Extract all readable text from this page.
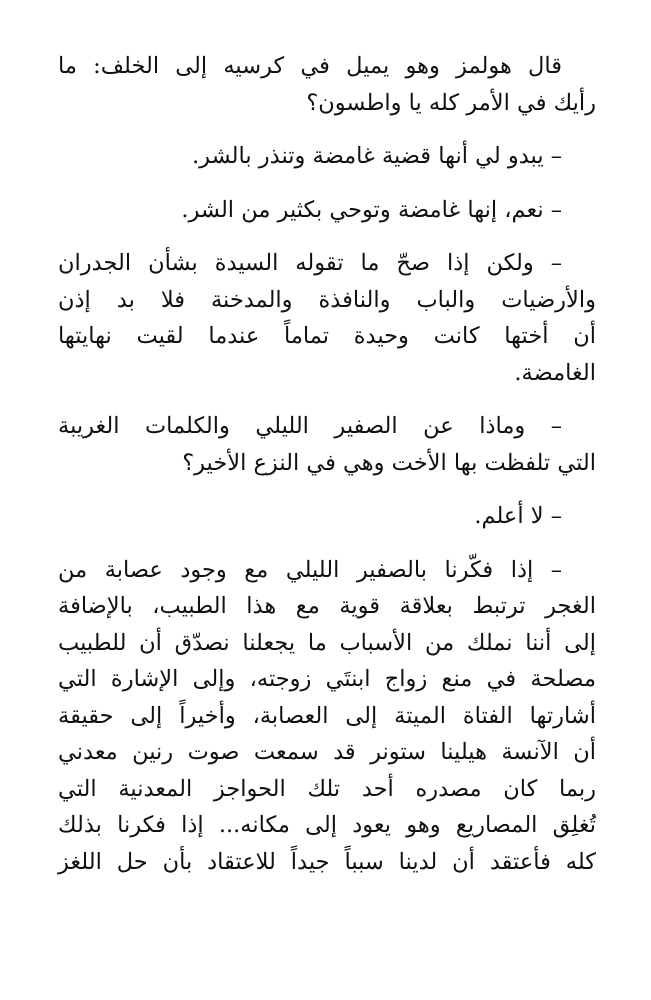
قال هولمز وهو يميل في كرسيه إلى الخلف: ما
رأيك في الأمر كله يا واطسون؟

– يبدو لي أنها قضية غامضة وتنذر بالشر.

– نعم، إنها غامضة وتوحي بكثير من الشر.

– ولكن إذا صحّ ما تقوله السيدة بشأن الجدران
والأرضيات والباب والنافذة والمدخنة فلا بد إذن
أن أختها كانت وحيدة تماماً عندما لقيت نهايتها
الغامضة.

– وماذا عن الصفير الليلي والكلمات الغريبة
التي تلفظت بها الأخت وهي في النزع الأخير؟

– لا أعلم.

– إذا فكّرنا بالصفير الليلي مع وجود عصابة من
الغجر ترتبط بعلاقة قوية مع هذا الطبيب، بالإضافة
إلى أننا نملك من الأسباب ما يجعلنا نصدّق أن للطبيب
مصلحة في منع زواج ابنتَي زوجته، وإلى الإشارة التي
أشارتها الفتاة الميتة إلى العصابة، وأخيراً إلى حقيقة
أن الآنسة هيلينا ستونر قد سمعت صوت رنين معدني
ربما كان مصدره أحد تلك الحواجز المعدنية التي
تُغلِق المصاريع وهو يعود إلى مكانه... إذا فكرنا بذلك
كله فأعتقد أن لدينا سبباً جيداً للاعتقاد بأن حل اللغز
